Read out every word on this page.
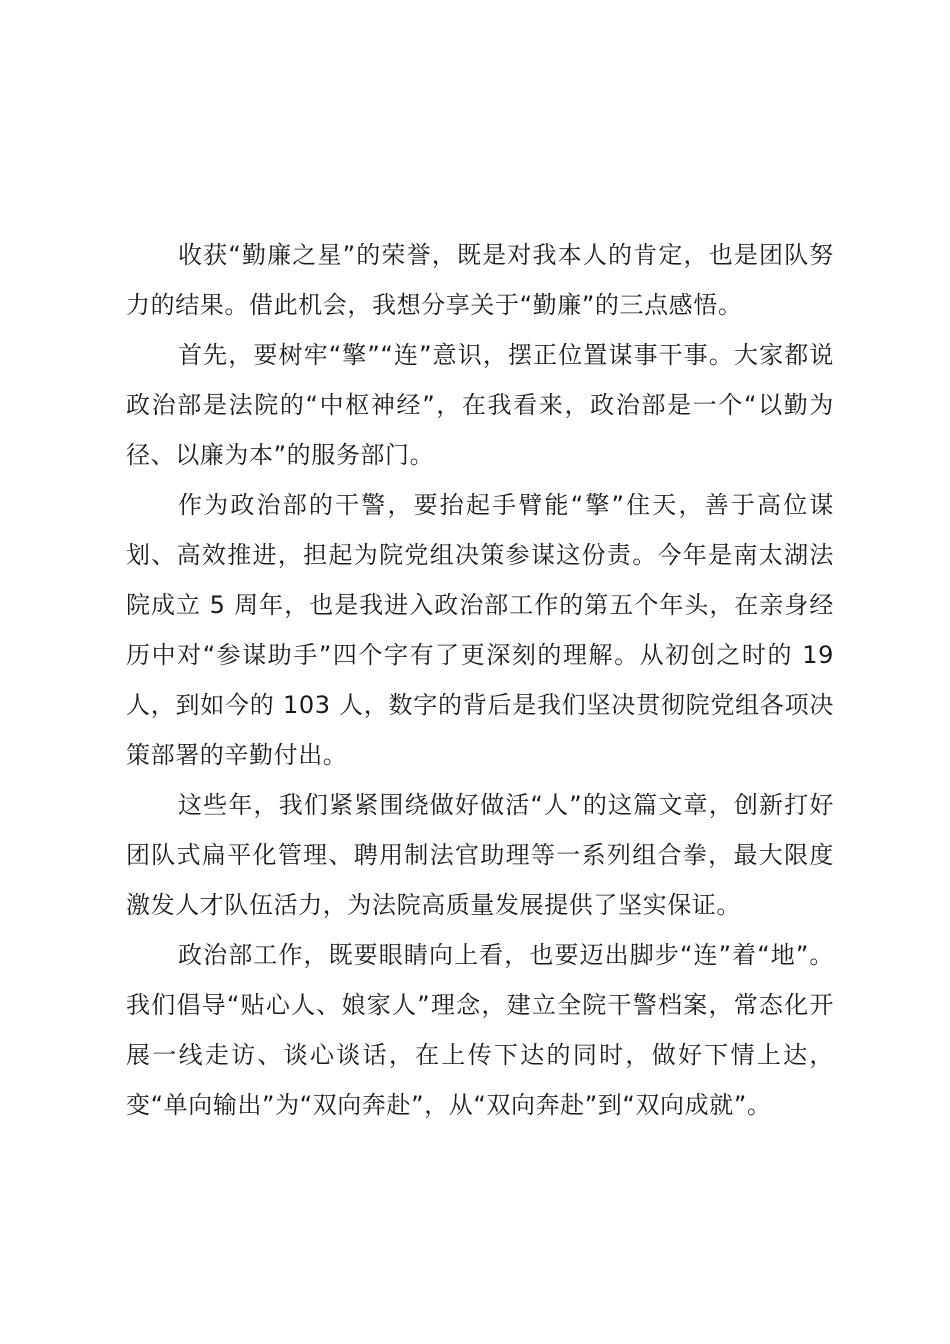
收获“勤廉之星”的荣誉，既是对我本人的肯定，也是团队努力的结果。借此机会，我想分享关于“勤廉”的三点感悟。

首先，要树牢“擎”“连”意识，摆正位置谋事干事。大家都说政治部是法院的“中枢神经”，在我看来，政治部是一个“以勤为径、以廉为本”的服务部门。

作为政治部的干警，要抬起手臂能“擎”住天，善于高位谋划、高效推进，担起为院党组决策参谋这份责。今年是南太湖法院成立 5 周年，也是我进入政治部工作的第五个年头，在亲身经历中对“参谋助手”四个字有了更深刻的理解。从初创之时的 19 人，到如今的 103 人，数字的背后是我们坚决贯彻院党组各项决策部署的辛勤付出。

这些年，我们紧紧围绕做好做活“人”的这篇文章，创新打好团队式扁平化管理、聘用制法官助理等一系列组合拳，最大限度激发人才队伍活力，为法院高质量发展提供了坚实保证。

政治部工作，既要眼睛向上看，也要迈出脚步“连”着“地”。我们倡导“贴心人、娘家人”理念，建立全院干警档案，常态化开展一线走访、谈心谈话，在上传下达的同时，做好下情上达，变“单向输出”为“双向奔赴”，从“双向奔赴”到“双向成就”。
